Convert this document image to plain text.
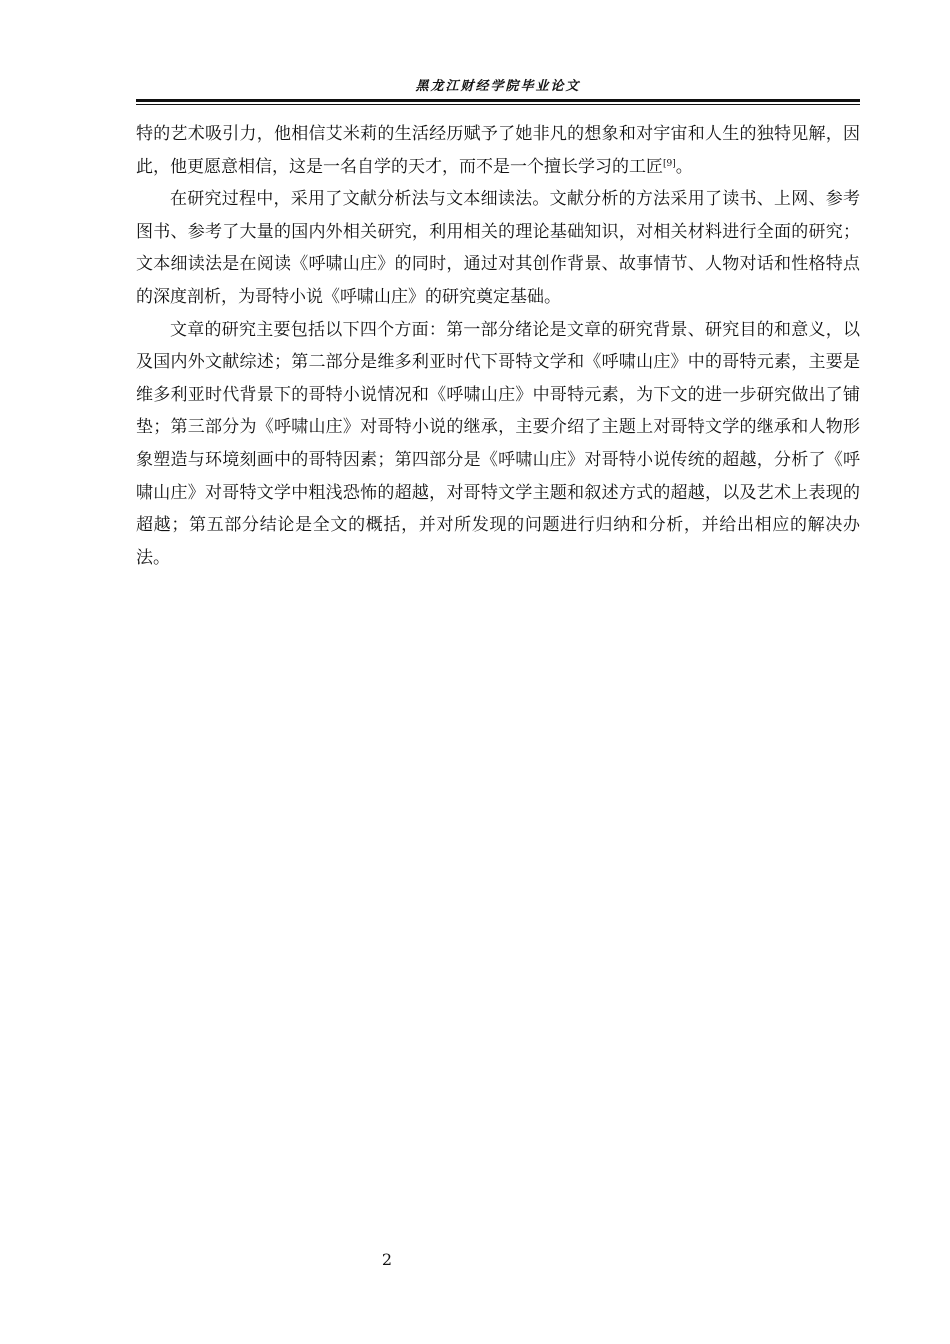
黑龙江财经学院毕业论文

特的艺术吸引力，他相信艾米莉的生活经历赋予了她非凡的想象和对宇宙和人生的独特见解，因此，他更愿意相信，这是一名自学的天才，而不是一个擅长学习的工匠[9]。

在研究过程中，采用了文献分析法与文本细读法。文献分析的方法采用了读书、上网、参考图书、参考了大量的国内外相关研究，利用相关的理论基础知识，对相关材料进行全面的研究；文本细读法是在阅读《呼啸山庄》的同时，通过对其创作背景、故事情节、人物对话和性格特点的深度剖析，为哥特小说《呼啸山庄》的研究奠定基础。

文章的研究主要包括以下四个方面：第一部分绪论是文章的研究背景、研究目的和意义，以及国内外文献综述；第二部分是维多利亚时代下哥特文学和《呼啸山庄》中的哥特元素，主要是维多利亚时代背景下的哥特小说情况和《呼啸山庄》中哥特元素，为下文的进一步研究做出了铺垫；第三部分为《呼啸山庄》对哥特小说的继承，主要介绍了主题上对哥特文学的继承和人物形象塑造与环境刻画中的哥特因素；第四部分是《呼啸山庄》对哥特小说传统的超越，分析了《呼啸山庄》对哥特文学中粗浅恐怖的超越，对哥特文学主题和叙述方式的超越，以及艺术上表现的超越；第五部分结论是全文的概括，并对所发现的问题进行归纳和分析，并给出相应的解决办法。

2
